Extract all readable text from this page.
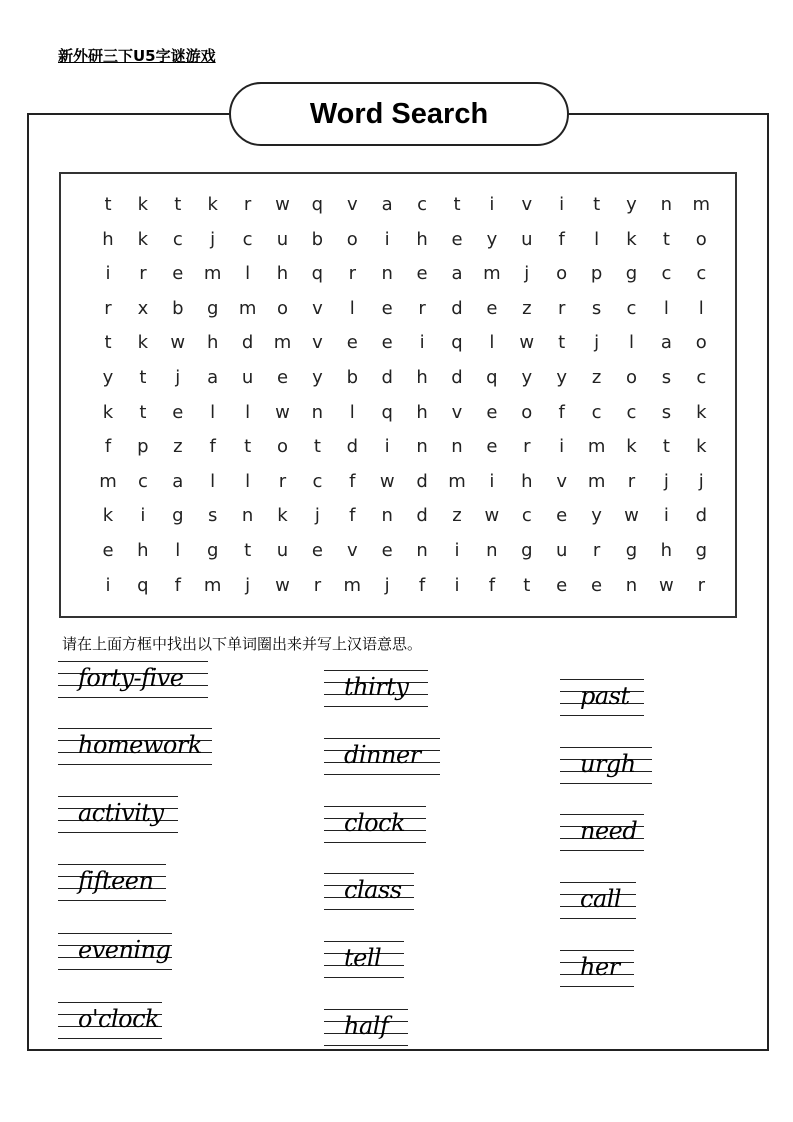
新外研三下U5字谜游戏
Word Search
t	k	t	k	r	w	q	v	a	c	t	i	v	i	t	y	n	m
h	k	c	j	c	u	b	o	i	h	e	y	u	f	l	k	t	o
i	r	e	m	l	h	q	r	n	e	a	m	j	o	p	g	c	c
r	x	b	g	m	o	v	l	e	r	d	e	z	r	s	c	l	l
t	k	w	h	d	m	v	e	e	i	q	l	w	t	j	l	a	o
y	t	j	a	u	e	y	b	d	h	d	q	y	y	z	o	s	c
k	t	e	l	l	w	n	l	q	h	v	e	o	f	c	c	s	k
f	p	z	f	t	o	t	d	i	n	n	e	r	i	m	k	t	k
m	c	a	l	l	r	c	f	w	d	m	i	h	v	m	r	j	j
k	i	g	s	n	k	j	f	n	d	z	w	c	e	y	w	i	d
e	h	l	g	t	u	e	v	e	n	i	n	g	u	r	g	h	g
i	q	f	m	j	w	r	m	j	f	i	f	t	e	e	n	w	r
请在上面方框中找出以下单词圈出来并写上汉语意思。
forty-five
homework
activity
fifteen
evening
o'clock
thirty
dinner
clock
class
tell
half
past
urgh
need
call
her
